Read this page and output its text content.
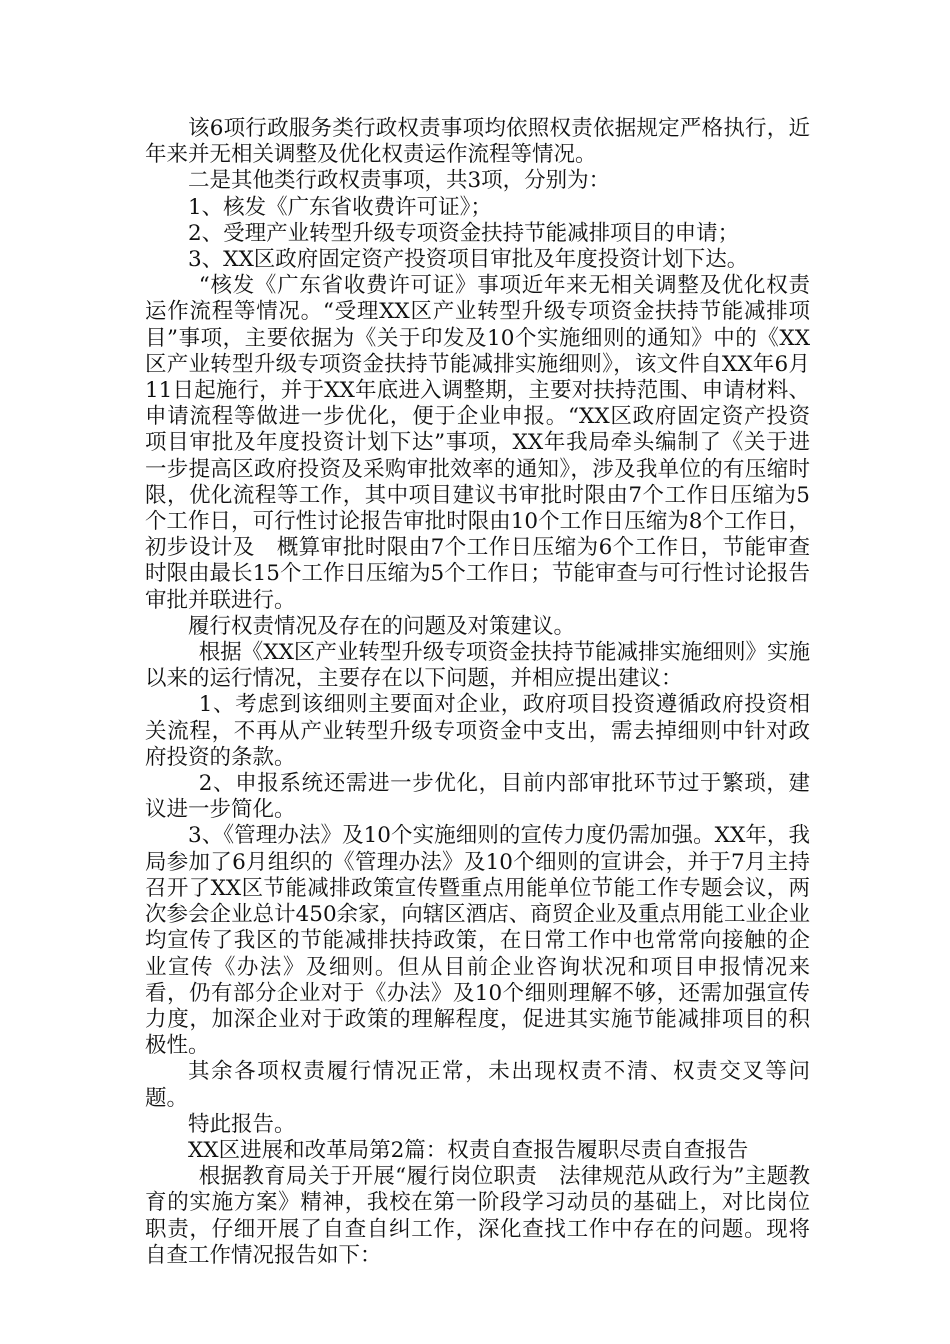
该6项行政服务类行政权责事项均依照权责依据规定严格执行，近年来并无相关调整及优化权责运作流程等情况。

二是其他类行政权责事项，共3项，分别为：

1、核发《广东省收费许可证》；

2、受理产业转型升级专项资金扶持节能减排项目的申请；

3、XX区政府固定资产投资项目审批及年度投资计划下达。

“核发《广东省收费许可证》事项近年来无相关调整及优化权责运作流程等情况。“受理XX区产业转型升级专项资金扶持节能减排项目”事项，主要依据为《关于印发及10个实施细则的通知》中的《XX区产业转型升级专项资金扶持节能减排实施细则》，该文件自XX年6月11日起施行，并于XX年底进入调整期，主要对扶持范围、申请材料、申请流程等做进一步优化，便于企业申报。“XX区政府固定资产投资项目审批及年度投资计划下达”事项，XX年我局牵头编制了《关于进一步提高区政府投资及采购审批效率的通知》，涉及我单位的有压缩时限，优化流程等工作，其中项目建议书审批时限由7个工作日压缩为5个工作日，可行性讨论报告审批时限由10个工作日压缩为8个工作日，初步设计及　概算审批时限由7个工作日压缩为6个工作日，节能审查时限由最长15个工作日压缩为5个工作日；节能审查与可行性讨论报告审批并联进行。

履行权责情况及存在的问题及对策建议。

根据《XX区产业转型升级专项资金扶持节能减排实施细则》实施以来的运行情况，主要存在以下问题，并相应提出建议：

1、考虑到该细则主要面对企业，政府项目投资遵循政府投资相关流程，不再从产业转型升级专项资金中支出，需去掉细则中针对政府投资的条款。

2、申报系统还需进一步优化，目前内部审批环节过于繁琐，建议进一步简化。

3、《管理办法》及10个实施细则的宣传力度仍需加强。XX年，我局参加了6月组织的《管理办法》及10个细则的宣讲会，并于7月主持召开了XX区节能减排政策宣传暨重点用能单位节能工作专题会议，两次参会企业总计450余家，向辖区酒店、商贸企业及重点用能工业企业均宣传了我区的节能减排扶持政策，在日常工作中也常常向接触的企业宣传《办法》及细则。但从目前企业咨询状况和项目申报情况来看，仍有部分企业对于《办法》及10个细则理解不够，还需加强宣传力度，加深企业对于政策的理解程度，促进其实施节能减排项目的积极性。

其余各项权责履行情况正常，未出现权责不清、权责交叉等问题。

特此报告。

XX区进展和改革局第2篇：权责自查报告履职尽责自查报告

根据教育局关于开展“履行岗位职责　法律规范从政行为”主题教育的实施方案》精神，我校在第一阶段学习动员的基础上，对比岗位职责，仔细开展了自查自纠工作，深化查找工作中存在的问题。现将自查工作情况报告如下：
